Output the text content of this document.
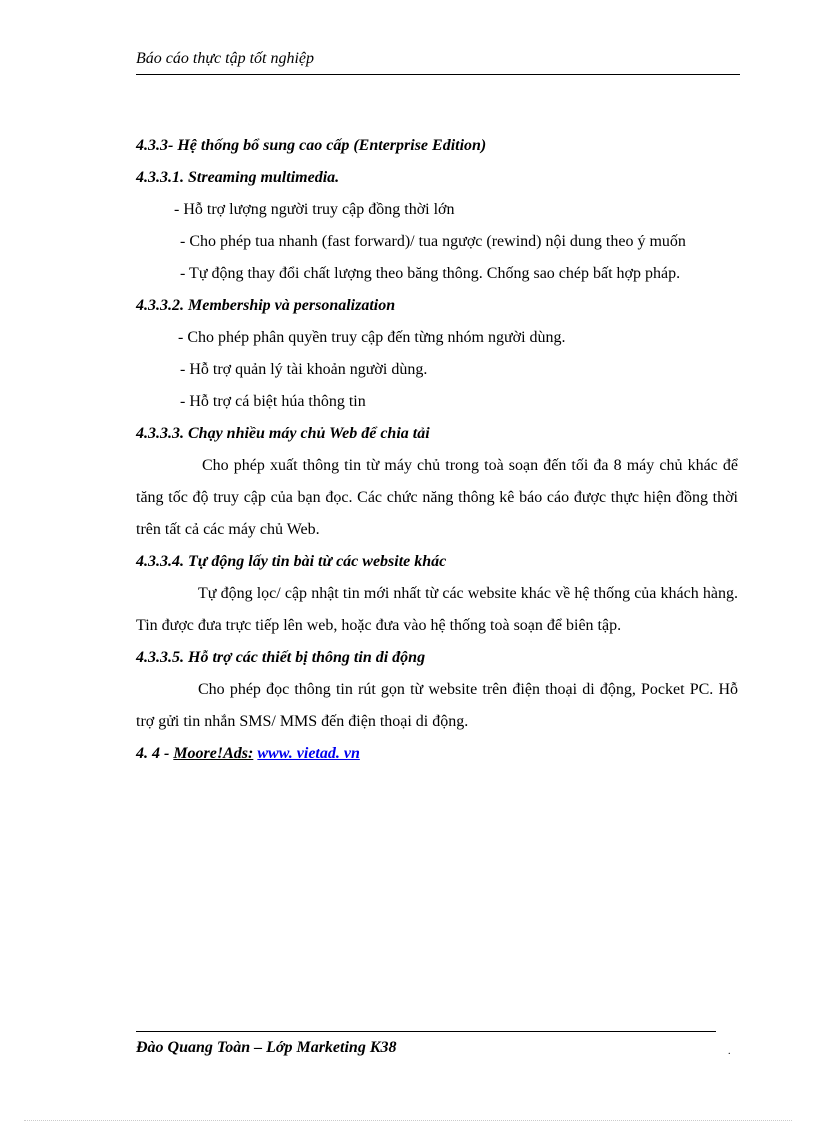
Báo cáo thực tập tốt nghiệp

4.3.3- Hệ thống bổ sung cao cấp (Enterprise Edition)

4.3.3.1. Streaming multimedia.

- Hỗ trợ lượng người truy cập đồng thời lớn

- Cho phép tua nhanh (fast forward)/ tua ngược (rewind) nội dung theo ý muốn

- Tự động thay đổi chất lượng theo băng thông. Chống sao chép bất hợp pháp.

4.3.3.2. Membership và personalization

- Cho phép phân quyền truy cập đến từng nhóm người dùng.

- Hỗ trợ quản lý tài khoản người dùng.

- Hỗ trợ cá biệt húa thông tin

4.3.3.3. Chạy nhiều máy chủ Web để chia tải

Cho phép xuất thông tin từ máy chủ trong toà soạn đến tối đa 8 máy chủ khác để tăng tốc độ truy cập của bạn đọc. Các chức năng thông kê báo cáo được thực hiện đồng thời trên tất cả các máy chủ Web.

4.3.3.4. Tự động lấy tin bài từ các website khác

Tự động lọc/ cập nhật tin mới nhất từ các website khác về hệ thống của khách hàng. Tin được đưa trực tiếp lên web, hoặc đưa vào hệ thống toà soạn để biên tập.

4.3.3.5. Hỗ trợ các thiết bị thông tin di động

Cho phép đọc thông tin rút gọn từ website trên điện thoại di động, Pocket PC. Hỗ trợ gửi tin nhắn SMS/ MMS đến điện thoại di động.

4. 4 - Moore!Ads: www. vietad. vn

Đào Quang Toàn – Lớp Marketing K38	.
